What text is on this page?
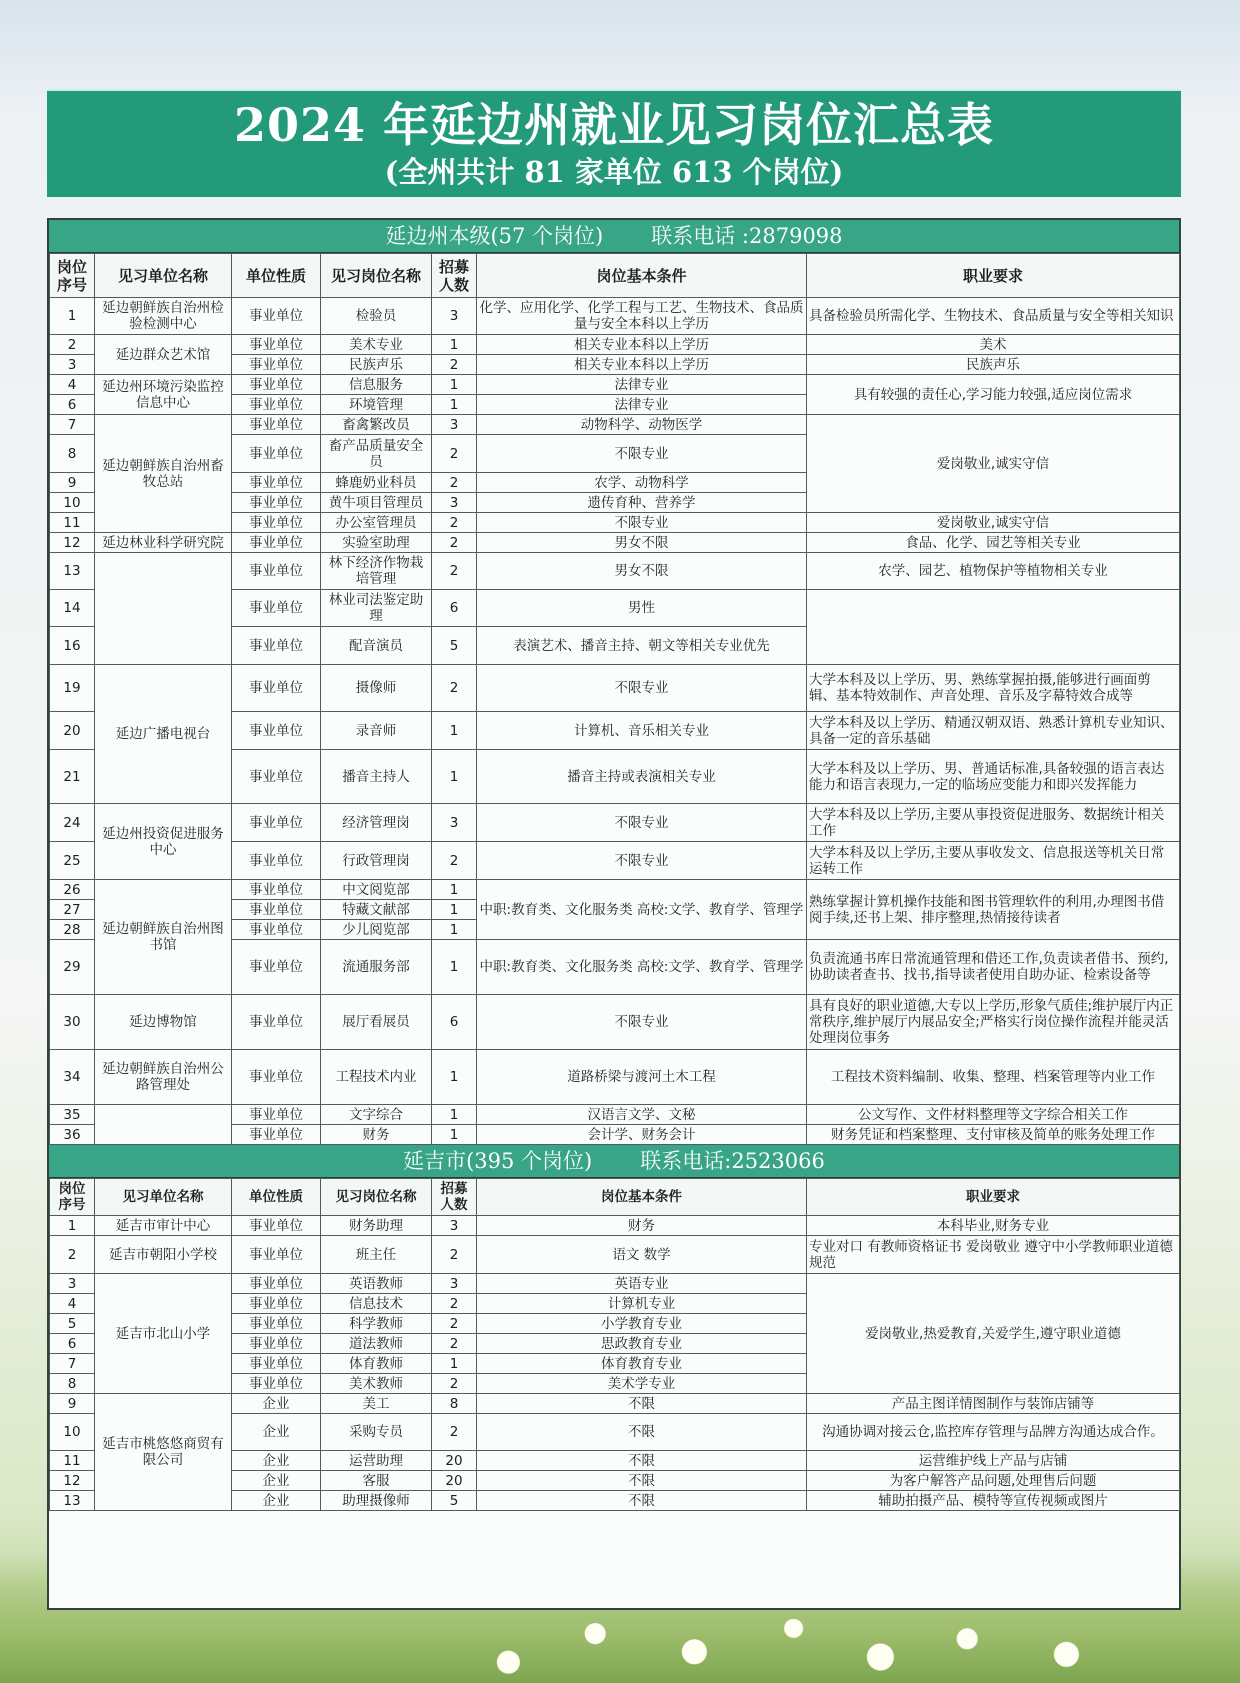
2024 年延边州就业见习岗位汇总表
(全州共计 81 家单位 613 个岗位)
延边州本级(57 个岗位) 联系电话 :2879098
岗位序号	见习单位名称	单位性质	见习岗位名称	招募人数	岗位基本条件	职业要求
1	延边朝鲜族自治州检验检测中心	事业单位	检验员	3	化学、应用化学、化学工程与工艺、生物技术、食品质量与安全本科以上学历	具备检验员所需化学、生物技术、食品质量与安全等相关知识
2	延边群众艺术馆	事业单位	美术专业	1	相关专业本科以上学历	美术
3		事业单位	民族声乐	2	相关专业本科以上学历	民族声乐
4	延边州环境污染监控信息中心	事业单位	信息服务	1	法律专业	具有较强的责任心,学习能力较强,适应岗位需求
6		事业单位	环境管理	1	法律专业	
7	延边朝鲜族自治州畜牧总站	事业单位	畜禽繁改员	3	动物科学、动物医学	爱岗敬业,诚实守信
8		事业单位	畜产品质量安全员	2	不限专业	
9		事业单位	蜂鹿奶业科员	2	农学、动物科学	
10		事业单位	黄牛项目管理员	3	遗传育种、营养学	
11		事业单位	办公室管理员	2	不限专业	爱岗敬业,诚实守信
12	延边林业科学研究院	事业单位	实验室助理	2	男女不限	食品、化学、园艺等相关专业
13		事业单位	林下经济作物栽培管理	2	男女不限	农学、园艺、植物保护等植物相关专业
14		事业单位	林业司法鉴定助理	6	男性	
16		事业单位	配音演员	5	表演艺术、播音主持、朝文等相关专业优先	
19	延边广播电视台	事业单位	摄像师	2	不限专业	大学本科及以上学历、男、熟练掌握拍摄,能够进行画面剪辑、基本特效制作、声音处理、音乐及字幕特效合成等
20		事业单位	录音师	1	计算机、音乐相关专业	大学本科及以上学历、精通汉朝双语、熟悉计算机专业知识、具备一定的音乐基础
21		事业单位	播音主持人	1	播音主持或表演相关专业	大学本科及以上学历、男、普通话标准,具备较强的语言表达能力和语言表现力,一定的临场应变能力和即兴发挥能力
24	延边州投资促进服务中心	事业单位	经济管理岗	3	不限专业	大学本科及以上学历,主要从事投资促进服务、数据统计相关工作
25		事业单位	行政管理岗	2	不限专业	大学本科及以上学历,主要从事收发文、信息报送等机关日常运转工作
26	延边朝鲜族自治州图书馆	事业单位	中文阅览部	1	中职:教育类、文化服务类 高校:文学、教育学、管理学	熟练掌握计算机操作技能和图书管理软件的利用,办理图书借阅手续,还书上架、排序整理,热情接待读者
27		事业单位	特藏文献部	1		
28		事业单位	少儿阅览部	1		
29		事业单位	流通服务部	1	中职:教育类、文化服务类 高校:文学、教育学、管理学	负责流通书库日常流通管理和借还工作,负责读者借书、预约,协助读者查书、找书,指导读者使用自助办证、检索设备等
30	延边博物馆	事业单位	展厅看展员	6	不限专业	具有良好的职业道德,大专以上学历,形象气质佳;维护展厅内正常秩序,维护展厅内展品安全;严格实行岗位操作流程并能灵活处理岗位事务
34	延边朝鲜族自治州公路管理处	事业单位	工程技术内业	1	道路桥梁与渡河土木工程	工程技术资料编制、收集、整理、档案管理等内业工作
35		事业单位	文字综合	1	汉语言文学、文秘	公文写作、文件材料整理等文字综合相关工作
36		事业单位	财务	1	会计学、财务会计	财务凭证和档案整理、支付审核及简单的账务处理工作
延吉市(395 个岗位) 联系电话:2523066
岗位序号	见习单位名称	单位性质	见习岗位名称	招募人数	岗位基本条件	职业要求
1	延吉市审计中心	事业单位	财务助理	3	财务	本科毕业,财务专业
2	延吉市朝阳小学校	事业单位	班主任	2	语文 数学	专业对口 有教师资格证书 爱岗敬业 遵守中小学教师职业道德规范
3	延吉市北山小学	事业单位	英语教师	3	英语专业	爱岗敬业,热爱教育,关爱学生,遵守职业道德
4		事业单位	信息技术	2	计算机专业	
5		事业单位	科学教师	2	小学教育专业	
6		事业单位	道法教师	2	思政教育专业	
7		事业单位	体育教师	1	体育教育专业	
8		事业单位	美术教师	2	美术学专业	
9	延吉市桃悠悠商贸有限公司	企业	美工	8	不限	产品主图详情图制作与装饰店铺等
10		企业	采购专员	2	不限	沟通协调对接云仓,监控库存管理与品牌方沟通达成合作。
11		企业	运营助理	20	不限	运营维护线上产品与店铺
12		企业	客服	20	不限	为客户解答产品问题,处理售后问题
13		企业	助理摄像师	5	不限	辅助拍摄产品、模特等宣传视频或图片
